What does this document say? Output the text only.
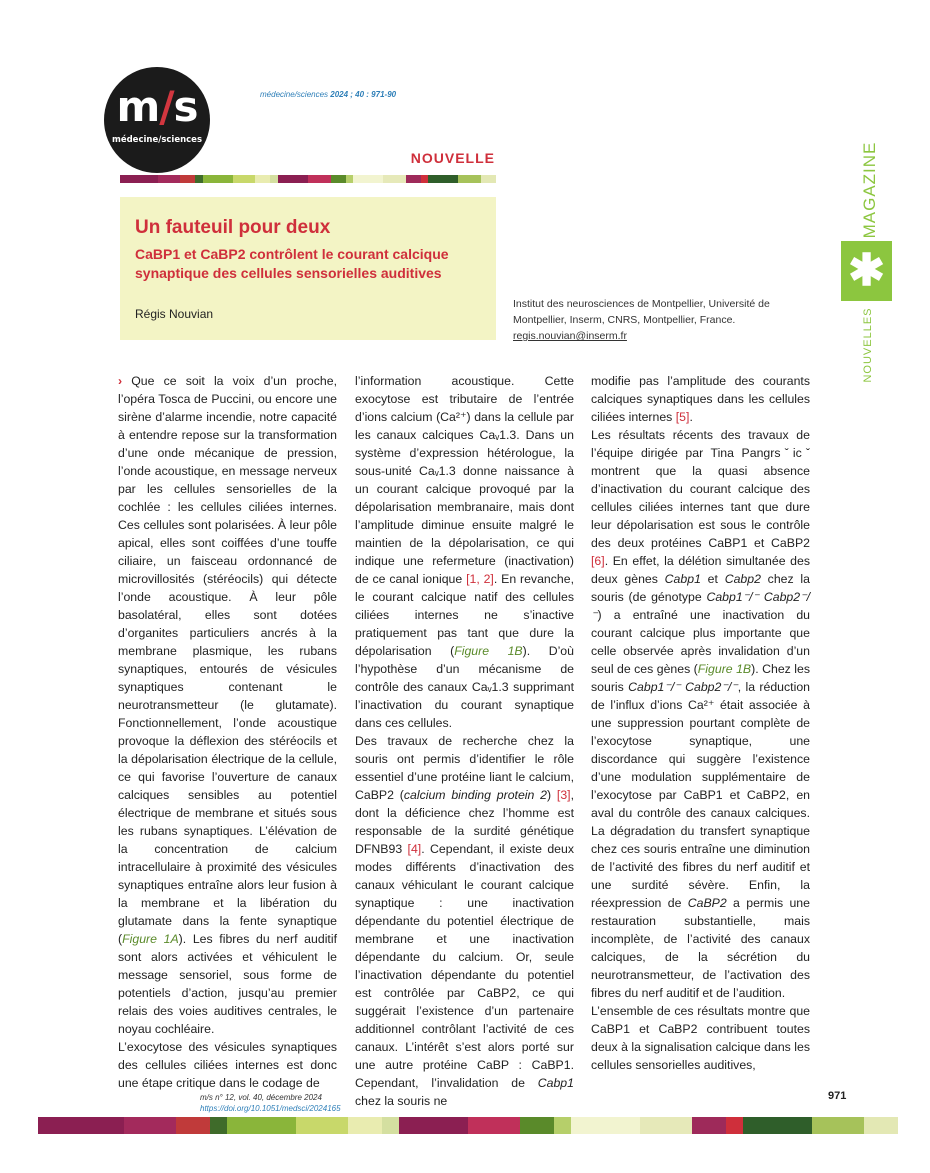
m/s
médecine/sciences
médecine/sciences 2024 ; 40 : 971-90
NOUVELLE
Un fauteuil pour deux
CaBP1 et CaBP2 contrôlent le courant calcique synaptique des cellules sensorielles auditives
Régis Nouvian
Institut des neurosciences de Montpellier, Université de Montpellier, Inserm, CNRS, Montpellier, France.
regis.nouvian@inserm.fr
MAGAZINE
✱
NOUVELLES

› Que ce soit la voix d’un proche, l’opéra Tosca de Puccini, ou encore une sirène d’alarme incendie, notre capacité à entendre repose sur la transformation d’une onde mécanique de pression, l’onde acoustique, en message nerveux par les cellules sensorielles de la cochlée : les cellules ciliées internes. Ces cellules sont polarisées. À leur pôle apical, elles sont coiffées d’une touffe ciliaire, un faisceau ordonnancé de microvillosités (stéréocils) qui détecte l’onde acoustique. À leur pôle basolatéral, elles sont dotées d’organites particuliers ancrés à la membrane plasmique, les rubans synaptiques, entourés de vésicules synaptiques contenant le neurotransmetteur (le glutamate). Fonctionnellement, l’onde acoustique provoque la déflexion des stéréocils et la dépolarisation électrique de la cellule, ce qui favorise l’ouverture de canaux calciques sensibles au potentiel électrique de membrane et situés sous les rubans synaptiques. L’élévation de la concentration de calcium intracellulaire à proximité des vésicules synaptiques entraîne alors leur fusion à la membrane et la libération du glutamate dans la fente synaptique (Figure 1A). Les fibres du nerf auditif sont alors activées et véhiculent le message sensoriel, sous forme de potentiels d’action, jusqu’au premier relais des voies auditives centrales, le noyau cochléaire.

L’exocytose des vésicules synaptiques des cellules ciliées internes est donc une étape critique dans le codage de

l’information acoustique. Cette exocytose est tributaire de l’entrée d’ions calcium (Ca²⁺) dans la cellule par les canaux calciques Caᵥ1.3. Dans un système d’expression hétérologue, la sous-unité Caᵥ1.3 donne naissance à un courant calcique provoqué par la dépolarisation membranaire, mais dont l’amplitude diminue ensuite malgré le maintien de la dépolarisation, ce qui indique une refermeture (inactivation) de ce canal ionique [1, 2]. En revanche, le courant calcique natif des cellules ciliées internes ne s’inactive pratiquement pas tant que dure la dépolarisation (Figure 1B). D’où l’hypothèse d’un mécanisme de contrôle des canaux Caᵥ1.3 supprimant l’inactivation du courant synaptique dans ces cellules.

Des travaux de recherche chez la souris ont permis d’identifier le rôle essentiel d’une protéine liant le calcium, CaBP2 (calcium binding protein 2) [3], dont la déficience chez l’homme est responsable de la surdité génétique DFNB93 [4]. Cependant, il existe deux modes différents d’inactivation des canaux véhiculant le courant calcique synaptique : une inactivation dépendante du potentiel électrique de membrane et une inactivation dépendante du calcium. Or, seule l’inactivation dépendante du potentiel est contrôlée par CaBP2, ce qui suggérait l’existence d’un partenaire additionnel contrôlant l’activité de ces canaux. L’intérêt s’est alors porté sur une autre protéine CaBP : CaBP1. Cependant, l’invalidation de Cabp1 chez la souris ne

modifie pas l’amplitude des courants calciques synaptiques dans les cellules ciliées internes [5].

Les résultats récents des travaux de l’équipe dirigée par Tina Pangrsˇicˇ montrent que la quasi absence d’inactivation du courant calcique des cellules ciliées internes tant que dure leur dépolarisation est sous le contrôle des deux protéines CaBP1 et CaBP2 [6]. En effet, la délétion simultanée des deux gènes Cabp1 et Cabp2 chez la souris (de génotype Cabp1⁻/⁻ Cabp2⁻/⁻) a entraîné une inactivation du courant calcique plus importante que celle observée après invalidation d’un seul de ces gènes (Figure 1B). Chez les souris Cabp1⁻/⁻ Cabp2⁻/⁻, la réduction de l’influx d’ions Ca²⁺ était associée à une suppression pourtant complète de l’exocytose synaptique, une discordance qui suggère l’existence d’une modulation supplémentaire de l’exocytose par CaBP1 et CaBP2, en aval du contrôle des canaux calciques. La dégradation du transfert synaptique chez ces souris entraîne une diminution de l’activité des fibres du nerf auditif et une surdité sévère. Enfin, la réexpression de CaBP2 a permis une restauration substantielle, mais incomplète, de l’activité des canaux calciques, de la sécrétion du neurotransmetteur, de l’activation des fibres du nerf auditif et de l’audition.

L’ensemble de ces résultats montre que CaBP1 et CaBP2 contribuent toutes deux à la signalisation calcique dans les cellules sensorielles auditives,

m/s n° 12, vol. 40, décembre 2024
https://doi.org/10.1051/medsci/2024165
971
